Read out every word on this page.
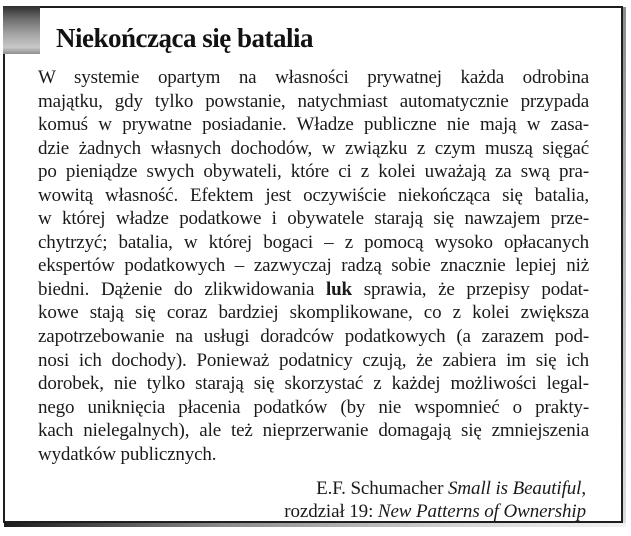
Niekończąca się batalia
W systemie opartym na własności prywatnej każda odrobina
majątku, gdy tylko powstanie, natychmiast automatycznie przypada
komuś w prywatne posiadanie. Władze publiczne nie mają w zasa-
dzie żadnych własnych dochodów, w związku z czym muszą sięgać
po pieniądze swych obywateli, które ci z kolei uważają za swą pra-
wowitą własność. Efektem jest oczywiście niekończąca się batalia,
w której władze podatkowe i obywatele starają się nawzajem prze-
chytrzyć; batalia, w której bogaci – z pomocą wysoko opłacanych
ekspertów podatkowych – zazwyczaj radzą sobie znacznie lepiej niż
biedni. Dążenie do zlikwidowania luk sprawia, że przepisy podat-
kowe stają się coraz bardziej skomplikowane, co z kolei zwiększa
zapotrzebowanie na usługi doradców podatkowych (a zarazem pod-
nosi ich dochody). Ponieważ podatnicy czują, że zabiera im się ich
dorobek, nie tylko starają się skorzystać z każdej możliwości legal-
nego uniknięcia płacenia podatków (by nie wspomnieć o prakty-
kach nielegalnych), ale też nieprzerwanie domagają się zmniejszenia
wydatków publicznych.
E.F. Schumacher Small is Beautiful,
rozdział 19: New Patterns of Ownership
